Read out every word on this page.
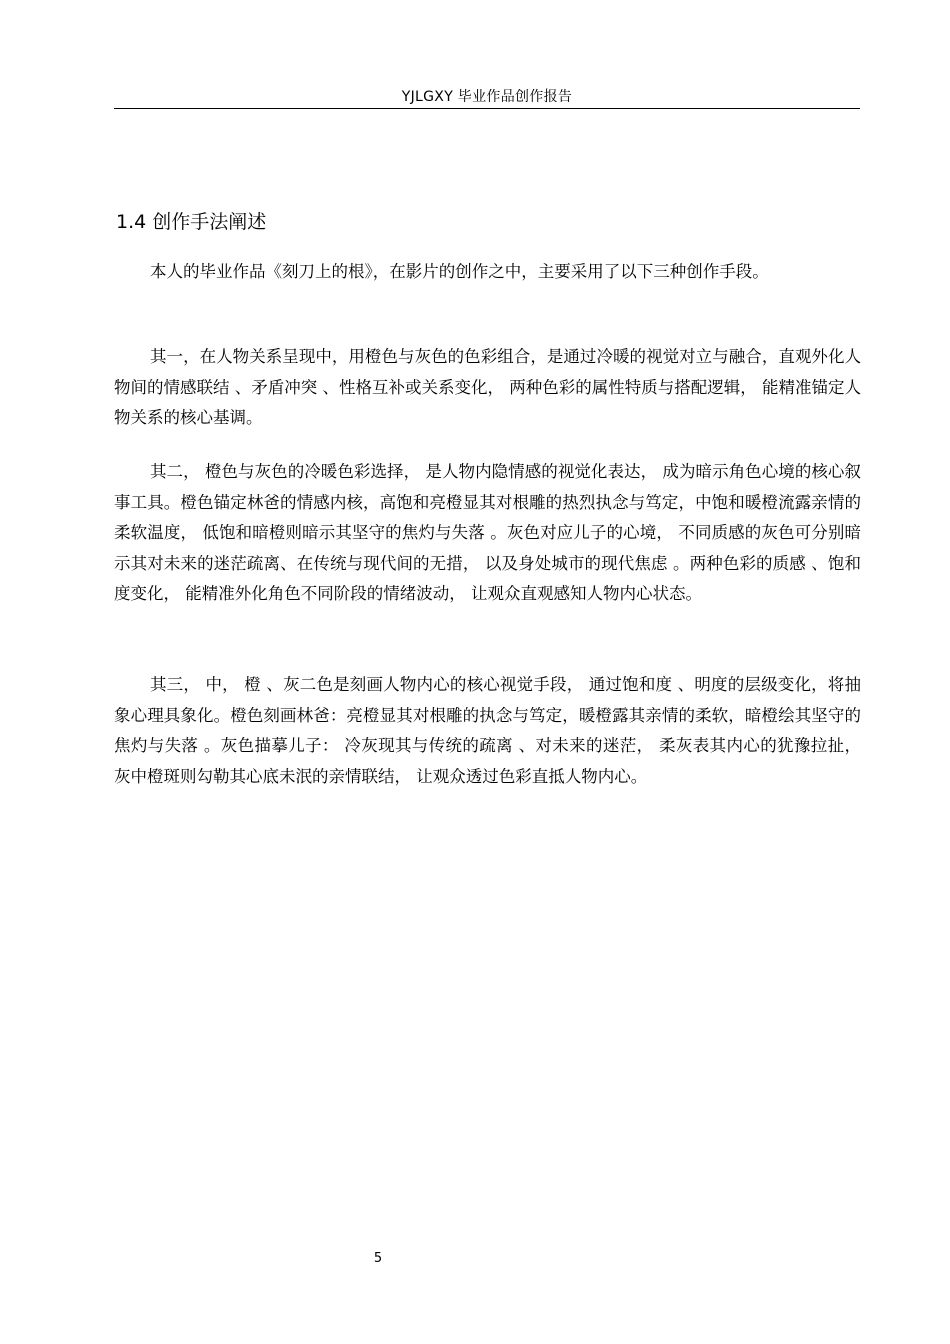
YJLGXY 毕业作品创作报告
1.4 创作手法阐述

本人的毕业作品《刻刀上的根》，在影片的创作之中，主要采用了以下三种创作手段。

其一，在人物关系呈现中，用橙色与灰色的色彩组合，是通过冷暖的视觉对立与融合，直观外化人物间的情感联结 、矛盾冲突 、性格互补或关系变化， 两种色彩的属性特质与搭配逻辑， 能精准锚定人物关系的核心基调。

其二， 橙色与灰色的冷暖色彩选择， 是人物内隐情感的视觉化表达， 成为暗示角色心境的核心叙事工具。橙色锚定林爸的情感内核，高饱和亮橙显其对根雕的热烈执念与笃定，中饱和暖橙流露亲情的柔软温度， 低饱和暗橙则暗示其坚守的焦灼与失落 。灰色对应儿子的心境， 不同质感的灰色可分别暗示其对未来的迷茫疏离、在传统与现代间的无措， 以及身处城市的现代焦虑 。两种色彩的质感 、饱和度变化， 能精准外化角色不同阶段的情绪波动， 让观众直观感知人物内心状态。

其三， 中， 橙 、灰二色是刻画人物内心的核心视觉手段， 通过饱和度 、明度的层级变化，将抽象心理具象化。橙色刻画林爸：亮橙显其对根雕的执念与笃定，暖橙露其亲情的柔软，暗橙绘其坚守的焦灼与失落 。灰色描摹儿子： 冷灰现其与传统的疏离 、对未来的迷茫， 柔灰表其内心的犹豫拉扯， 灰中橙斑则勾勒其心底未泯的亲情联结， 让观众透过色彩直抵人物内心。

5
